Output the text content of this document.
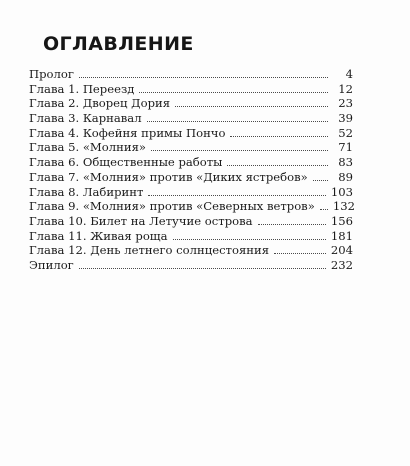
ОГЛАВЛЕНИЕ
Пролог	4
Глава 1. Переезд	12
Глава 2. Дворец Дория	23
Глава 3. Карнавал	39
Глава 4. Кофейня примы Пончо	52
Глава 5. «Молния»	71
Глава 6. Общественные работы	83
Глава 7. «Молния» против «Диких ястребов»	89
Глава 8. Лабиринт	103
Глава 9. «Молния» против «Северных ветров» 132
Глава 10. Билет на Летучие острова	156
Глава 11. Живая роща	181
Глава 12. День летнего солнцестояния	204
Эпилог	232
